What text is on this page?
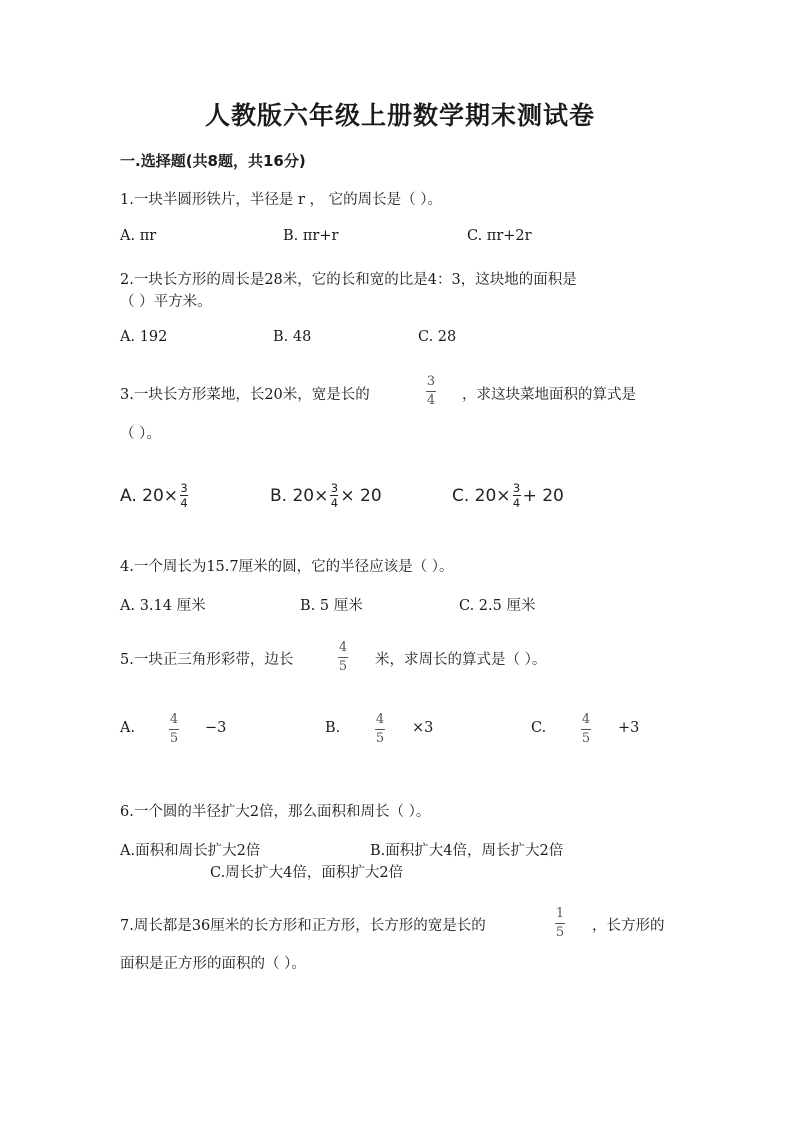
人教版六年级上册数学期末测试卷
一.选择题(共8题，共16分)
1.一块半圆形铁片，半径是 r ， 它的周长是（ ）。
A. πr	B. πr+r	C. πr+2r
2.一块长方形的周长是28米，它的长和宽的比是4：3，这块地的面积是
（ ）平方米。
A. 192	B. 48	C. 28
3.一块长方形菜地，长20米，宽是长的
3
4 ，求这块菜地面积的算式是
（ ）。
A. 20× 3
4	B. 20× 3
4 × 20	C. 20× 3
4 + 20
4.一个周长为15.7厘米的圆，它的半径应该是（ ）。
A. 3.14 厘米	B. 5 厘米	C. 2.5 厘米
5.一块正三角形彩带，边长
4
5 米，求周长的算式是（ ）。
A.
4
5
−3	B.
4
5
×3	C.
4
5
+3
6.一个圆的半径扩大2倍，那么面积和周长（ ）。
A.面积和周长扩大2倍	B.面积扩大4倍，周长扩大2倍
C.周长扩大4倍，面积扩大2倍
7.周长都是36厘米的长方形和正方形，长方形的宽是长的
1
5 ，长方形的
面积是正方形的面积的（ ）。
